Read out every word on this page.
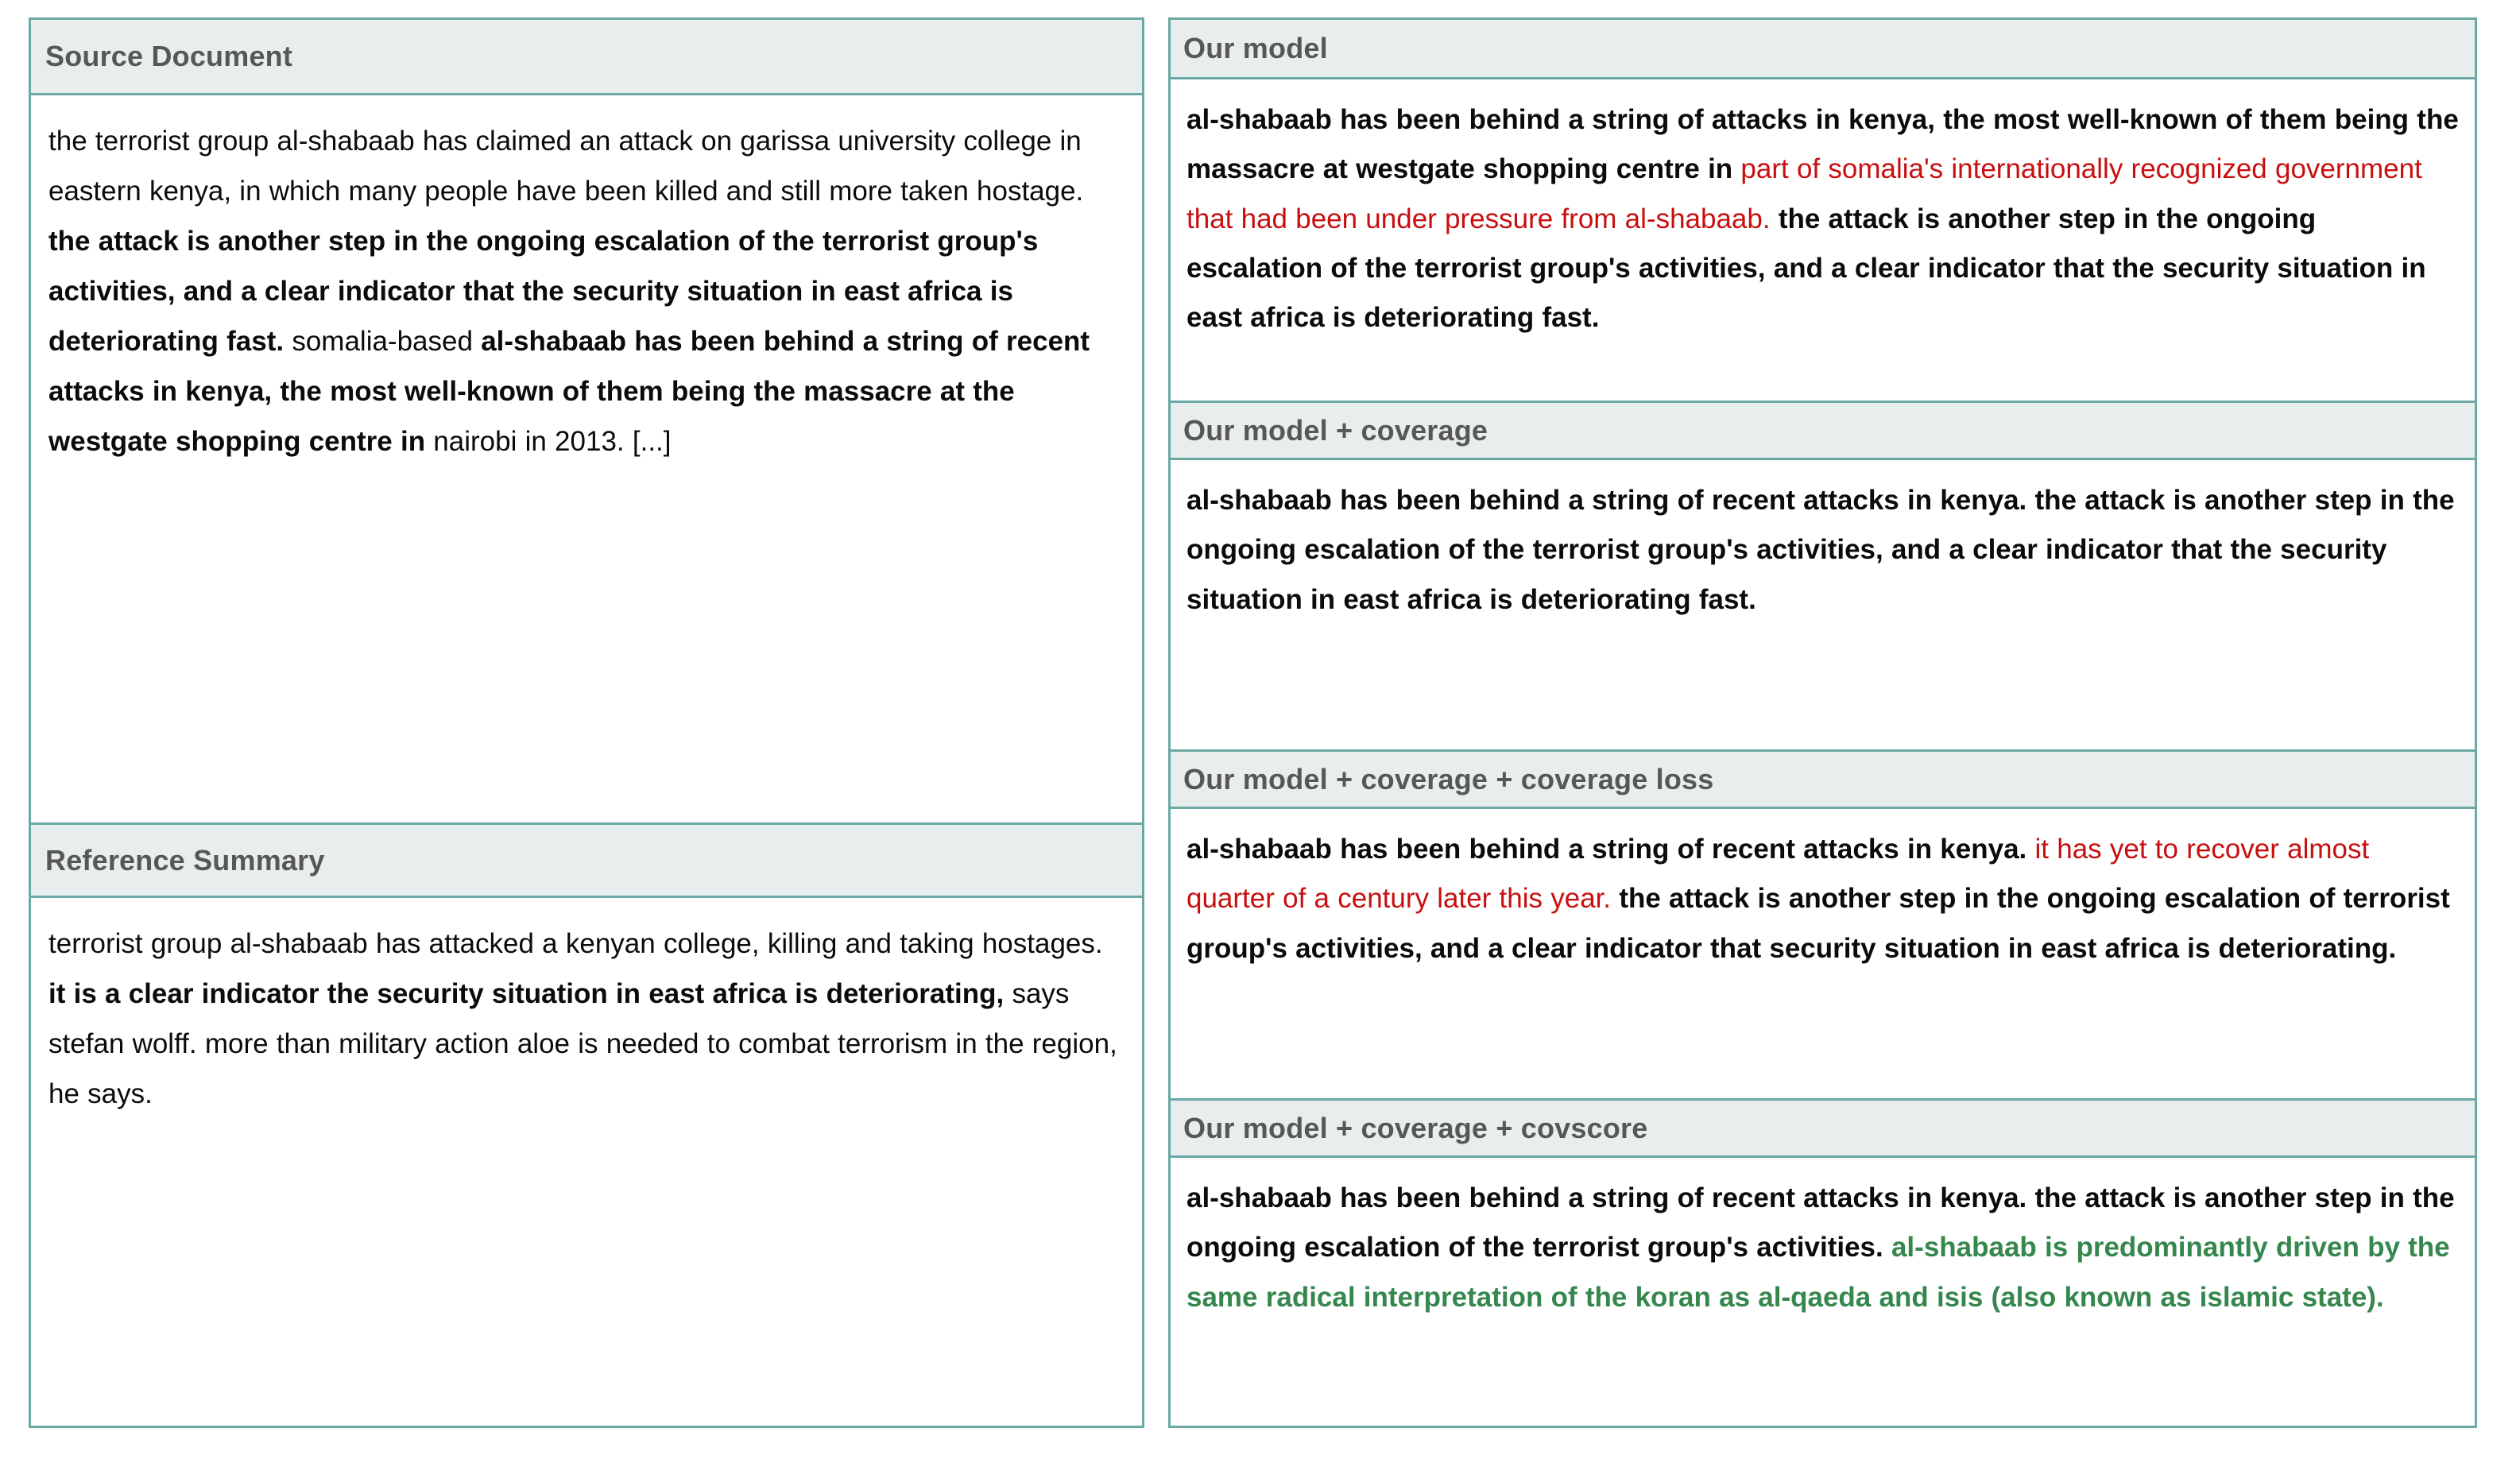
Source Document
the terrorist group al-shabaab has claimed an attack on garissa university college in eastern kenya, in which many people have been killed and still more taken hostage. the attack is another step in the ongoing escalation of the terrorist group's activities, and a clear indicator that the security situation in east africa is deteriorating fast. somalia-based al-shabaab has been behind a string of recent attacks in kenya, the most well-known of them being the massacre at the westgate shopping centre in nairobi in 2013. [...]
Reference Summary
terrorist group al-shabaab has attacked a kenyan college, killing and taking hostages. it is a clear indicator the security situation in east africa is deteriorating, says stefan wolff. more than military action aloe is needed to combat terrorism in the region, he says.
Our model
al-shabaab has been behind a string of attacks in kenya, the most well-known of them being the massacre at westgate shopping centre in part of somalia's internationally recognized government that had been under pressure from al-shabaab. the attack is another step in the ongoing escalation of the terrorist group's activities, and a clear indicator that the security situation in east africa is deteriorating fast.
Our model + coverage
al-shabaab has been behind a string of recent attacks in kenya. the attack is another step in the ongoing escalation of the terrorist group's activities, and a clear indicator that the security situation in east africa is deteriorating fast.
Our model + coverage + coverage loss
al-shabaab has been behind a string of recent attacks in kenya. it has yet to recover almost quarter of a century later this year. the attack is another step in the ongoing escalation of terrorist group's activities, and a clear indicator that security situation in east africa is deteriorating.
Our model + coverage + covscore
al-shabaab has been behind a string of recent attacks in kenya. the attack is another step in the ongoing escalation of the terrorist group's activities. al-shabaab is predominantly driven by the same radical interpretation of the koran as al-qaeda and isis (also known as islamic state).
